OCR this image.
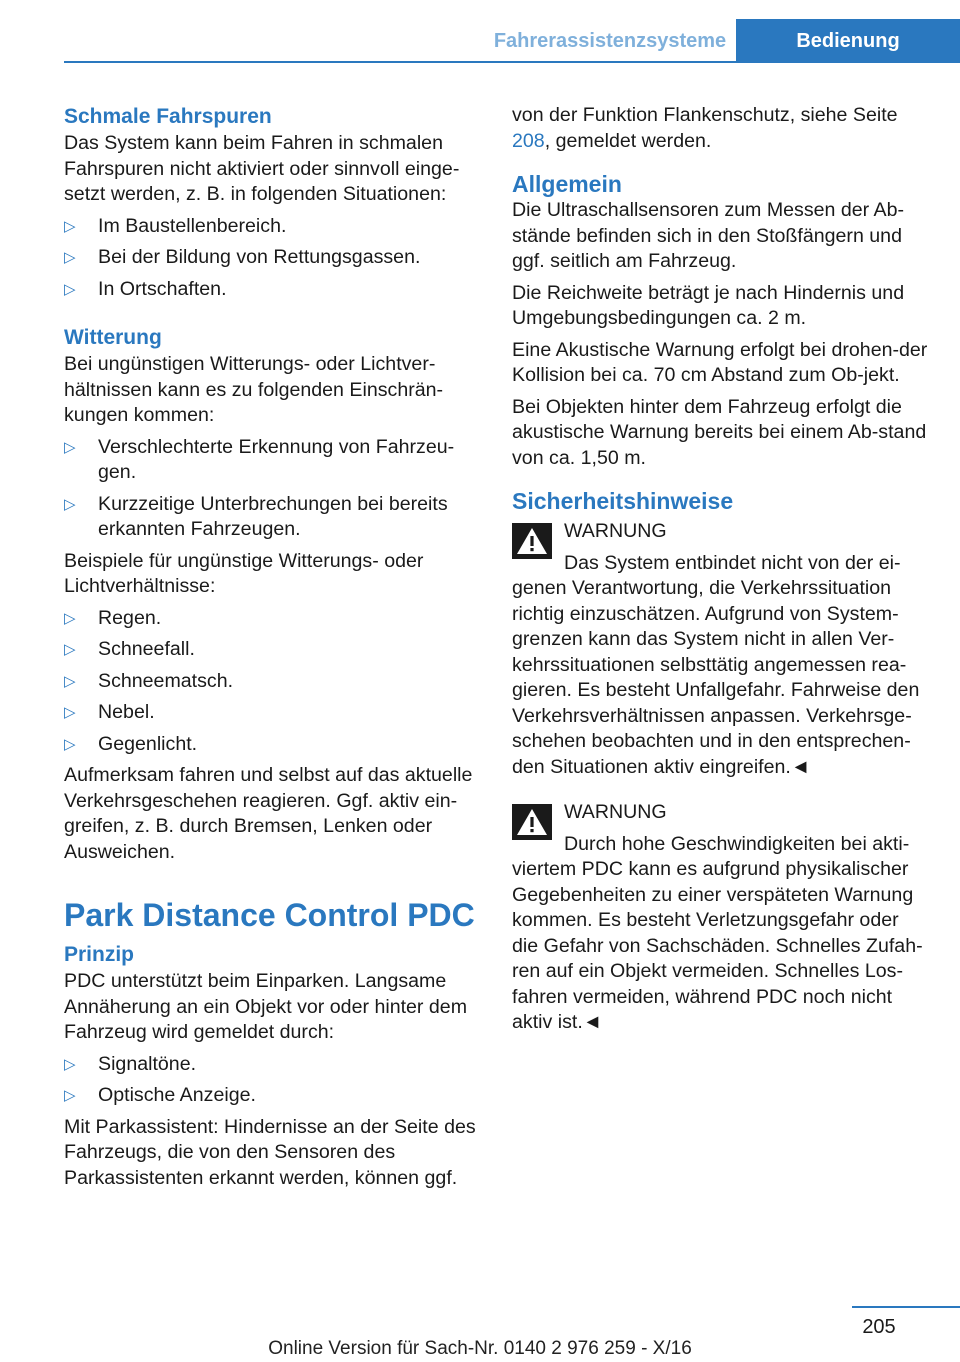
Fahrerassistenzsysteme	Bedienung
Schmale Fahrspuren

Das System kann beim Fahren in schmalen Fahrspuren nicht aktiviert oder sinnvoll einge-setzt werden, z. B. in folgenden Situationen:

▷ Im Baustellenbereich.
▷ Bei der Bildung von Rettungsgassen.
▷ In Ortschaften.
Witterung

Bei ungünstigen Witterungs- oder Lichtver-hältnissen kann es zu folgenden Einschrän-kungen kommen:

▷ Verschlechterte Erkennung von Fahrzeu-gen.
▷ Kurzzeitige Unterbrechungen bei bereits erkannten Fahrzeugen.

Beispiele für ungünstige Witterungs- oder Lichtverhältnisse:

▷ Regen.
▷ Schneefall.
▷ Schneematsch.
▷ Nebel.
▷ Gegenlicht.

Aufmerksam fahren und selbst auf das aktuelle Verkehrsgeschehen reagieren. Ggf. aktiv ein-greifen, z. B. durch Bremsen, Lenken oder Ausweichen.

Park Distance Control PDC
Prinzip

PDC unterstützt beim Einparken. Langsame Annäherung an ein Objekt vor oder hinter dem Fahrzeug wird gemeldet durch:

▷ Signaltöne.
▷ Optische Anzeige.

Mit Parkassistent: Hindernisse an der Seite des Fahrzeugs, die von den Sensoren des Parkassistenten erkannt werden, können ggf.

von der Funktion Flankenschutz, siehe Seite 208, gemeldet werden.

Allgemein

Die Ultraschallsensoren zum Messen der Ab-stände befinden sich in den Stoßfängern und ggf. seitlich am Fahrzeug.

Die Reichweite beträgt je nach Hindernis und Umgebungsbedingungen ca. 2 m.

Eine Akustische Warnung erfolgt bei drohen-der Kollision bei ca. 70 cm Abstand zum Ob-jekt.

Bei Objekten hinter dem Fahrzeug erfolgt die akustische Warnung bereits bei einem Ab-stand von ca. 1,50 m.

Sicherheitshinweise

WARNUNG

Das System entbindet nicht von der ei-

genen Verantwortung, die Verkehrssituation richtig einzuschätzen. Aufgrund von System-grenzen kann das System nicht in allen Ver-kehrssituationen selbsttätig angemessen rea-gieren. Es besteht Unfallgefahr. Fahrweise den Verkehrsverhältnissen anpassen. Verkehrsge-schehen beobachten und in den entsprechen-den Situationen aktiv eingreifen.◄

WARNUNG

Durch hohe Geschwindigkeiten bei akti-

viertem PDC kann es aufgrund physikalischer Gegebenheiten zu einer verspäteten Warnung kommen. Es besteht Verletzungsgefahr oder die Gefahr von Sachschäden. Schnelles Zufah-ren auf ein Objekt vermeiden. Schnelles Los-fahren vermeiden, während PDC noch nicht aktiv ist.◄

205
Online Version für Sach-Nr. 0140 2 976 259 - X/16
